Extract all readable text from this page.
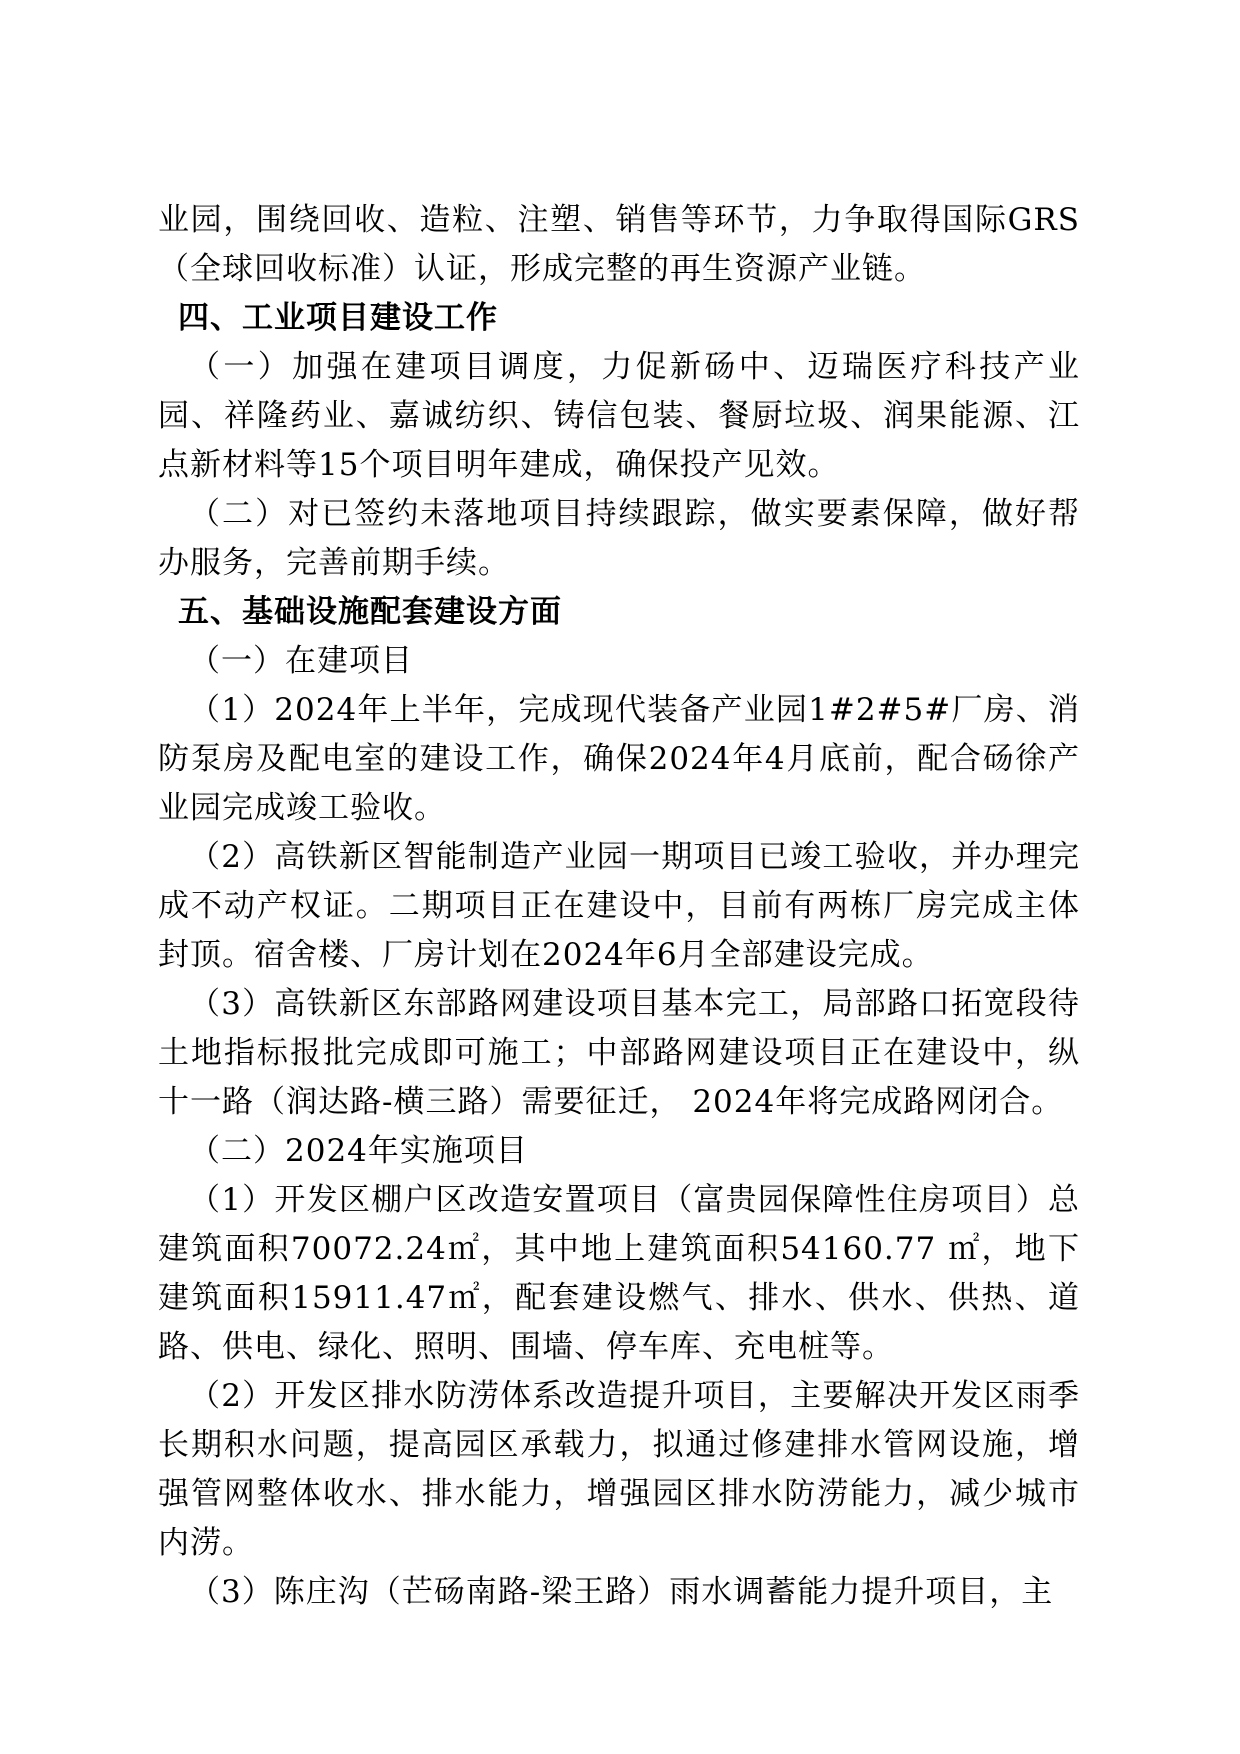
业园，围绕回收、造粒、注塑、销售等环节，力争取得国际GRS（全球回收标准）认证，形成完整的再生资源产业链。

四、工业项目建设工作

（一）加强在建项目调度，力促新砀中、迈瑞医疗科技产业园、祥隆药业、嘉诚纺织、铸信包装、餐厨垃圾、润果能源、江点新材料等15个项目明年建成，确保投产见效。

（二）对已签约未落地项目持续跟踪，做实要素保障，做好帮办服务，完善前期手续。

五、基础设施配套建设方面

（一）在建项目

（1）2024年上半年，完成现代装备产业园1#2#5#厂房、消防泵房及配电室的建设工作，确保2024年4月底前，配合砀徐产业园完成竣工验收。

（2）高铁新区智能制造产业园一期项目已竣工验收，并办理完成不动产权证。二期项目正在建设中，目前有两栋厂房完成主体封顶。宿舍楼、厂房计划在2024年6月全部建设完成。

（3）高铁新区东部路网建设项目基本完工，局部路口拓宽段待土地指标报批完成即可施工；中部路网建设项目正在建设中，纵十一路（润达路-横三路）需要征迁， 2024年将完成路网闭合。

（二）2024年实施项目

（1）开发区棚户区改造安置项目（富贵园保障性住房项目）总建筑面积70072.24㎡，其中地上建筑面积54160.77 ㎡，地下建筑面积15911.47㎡，配套建设燃气、排水、供水、供热、道路、供电、绿化、照明、围墙、停车库、充电桩等。

（2）开发区排水防涝体系改造提升项目，主要解决开发区雨季长期积水问题，提高园区承载力，拟通过修建排水管网设施，增强管网整体收水、排水能力，增强园区排水防涝能力，减少城市内涝。

（3）陈庄沟（芒砀南路-梁王路）雨水调蓄能力提升项目，主
